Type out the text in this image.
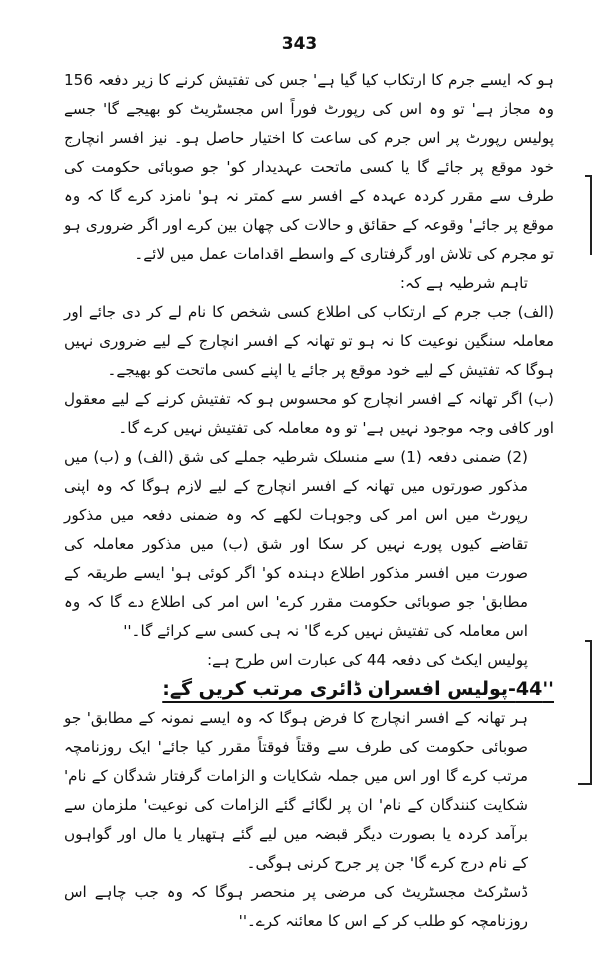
343

ہو کہ ایسے جرم کا ارتکاب کیا گیا ہے' جس کی تفتیش کرنے کا زیر دفعہ 156 وہ مجاز ہے' تو وہ اس کی رپورٹ فوراً اس مجسٹریٹ کو بھیجے گا' جسے پولیس رپورٹ پر اس جرم کی ساعت کا اختیار حاصل ہو۔ نیز افسر انچارج خود موقع پر جائے گا یا کسی ماتحت عہدیدار کو' جو صوبائی حکومت کی طرف سے مقرر کردہ عہدہ کے افسر سے کمتر نہ ہو' نامزد کرے گا کہ وہ موقع پر جائے' وقوعہ کے حقائق و حالات کی چھان بین کرے اور اگر ضروری ہو تو مجرم کی تلاش اور گرفتاری کے واسطے اقدامات عمل میں لائے۔

تاہم شرطیہ ہے کہ:

(الف) جب جرم کے ارتکاب کی اطلاع کسی شخص کا نام لے کر دی جائے اور معاملہ سنگین نوعیت کا نہ ہو تو تھانہ کے افسر انچارج کے لیے ضروری نہیں ہوگا کہ تفتیش کے لیے خود موقع پر جائے یا اپنے کسی ماتحت کو بھیجے۔

(ب) اگر تھانہ کے افسر انچارج کو محسوس ہو کہ تفتیش کرنے کے لیے معقول اور کافی وجہ موجود نہیں ہے' تو وہ معاملہ کی تفتیش نہیں کرے گا۔

(2) ضمنی دفعہ (1) سے منسلک شرطیہ جملے کی شق (الف) و (ب) میں مذکور صورتوں میں تھانہ کے افسر انچارج کے لیے لازم ہوگا کہ وہ اپنی رپورٹ میں اس امر کی وجوہات لکھے کہ وہ ضمنی دفعہ میں مذکور تقاضے کیوں پورے نہیں کر سکا اور شق (ب) میں مذکور معاملہ کی صورت میں افسر مذکور اطلاع دہندہ کو' اگر کوئی ہو' ایسے طریقہ کے مطابق' جو صوبائی حکومت مقرر کرے' اس امر کی اطلاع دے گا کہ وہ اس معاملہ کی تفتیش نہیں کرے گا' نہ ہی کسی سے کرائے گا۔''

پولیس ایکٹ کی دفعہ 44 کی عبارت اس طرح ہے:

''44-پولیس افسران ڈائری مرتب کریں گے:

ہر تھانہ کے افسر انچارج کا فرض ہوگا کہ وہ ایسے نمونہ کے مطابق' جو صوبائی حکومت کی طرف سے وقتاً فوقتاً مقرر کیا جائے' ایک روزنامچہ مرتب کرے گا اور اس میں جملہ شکایات و الزامات گرفتار شدگان کے نام' شکایت کنندگان کے نام' ان پر لگائے گئے الزامات کی نوعیت' ملزمان سے برآمد کردہ یا بصورت دیگر قبضہ میں لیے گئے ہتھیار یا مال اور گواہوں کے نام درج کرے گا' جن پر جرح کرنی ہوگی۔

ڈسٹرکٹ مجسٹریٹ کی مرضی پر منحصر ہوگا کہ وہ جب چاہے اس روزنامچہ کو طلب کر کے اس کا معائنہ کرے۔''
